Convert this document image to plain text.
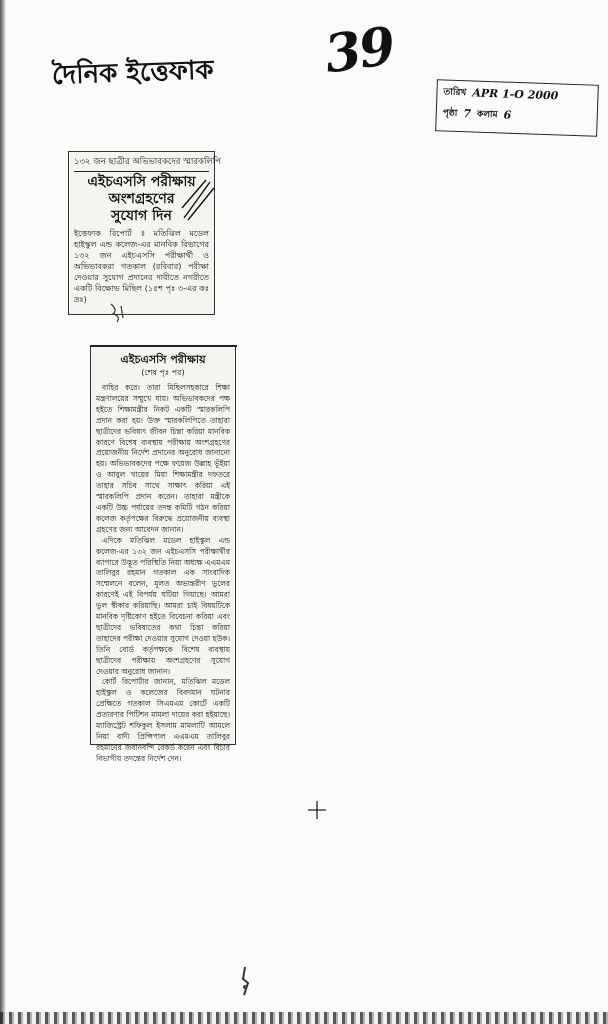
39
দৈনিক ইত্তেফাক
তারিখ APR 1-O 2000
পৃষ্ঠা 7 কলাম 6
১৩২ জন ছাত্রীর অভিভাবকদের স্মারকলিপি
এইচএসসি পরীক্ষায়
অংশগ্রহণের
সুযোগ দিন
ইত্তেফাক রিপোর্ট ॥ মতিঝিল মডেল হাইস্কুল এন্ড কলেজ-এর মানবিক বিভাগের ১৩২ জন এইচএসসি পরীক্ষার্থী ও অভিভাবকরা গতকাল (রবিবার) পরীক্ষা দেওয়ার সুযোগ প্রদানের দাবীতে নগরীতে একটি বিক্ষোভ মিছিল (১৫শ পৃঃ ৩-এর কঃ দ্রঃ)
এইচএসসি পরীক্ষায়
(শেষ পৃঃ পর)

বাহির করে। তারা মিছিলসহকারে শিক্ষা মন্ত্রণালয়ের সম্মুখে যায়। অভিভাবকদের পক্ষ হইতে শিক্ষামন্ত্রীর নিকট একটি স্মারকলিপি প্রদান করা হয়। উক্ত স্মারকলিপিতে তাহারা ছাত্রীদের ভবিষ্যৎ জীবন চিন্তা করিয়া মানবিক কারণে বিশেষ ব্যবস্থায় পরীক্ষায় অংশগ্রহণের প্রয়োজনীয় নির্দেশ প্রদানের অনুরোধ জানানো হয়। অভিভাবকদের পক্ষে ফয়েজ উল্লাহ ভূঁইয়া ও আবুল খায়ের মিয়া শিক্ষামন্ত্রীর দফতরে তাহার সচিব সাথে সাক্ষাৎ করিয়া এই স্মারকলিপি প্রদান করেন। তাহারা মন্ত্রীকে একটি উচ্চ পর্যায়ের তদন্ত কমিটি গঠন করিয়া কলেজ কর্তৃপক্ষের বিরুদ্ধে প্রয়োজনীয় ব্যবস্থা গ্রহণের জন্য আবেদন জানান।

এদিকে মতিঝিল মডেল হাইস্কুল এন্ড কলেজ-এর ১৩২ জন এইচএসসি পরীক্ষার্থীর ব্যাপারে উদ্ভূত পরিস্থিতি নিয়া অধ্যক্ষ এএমএম তালিবুর রহমান গতকাল এক সাংবাদিক সম্মেলনে বলেন, মূলত অভ্যন্তরীণ ভুলের কারণেই এই বিপর্যয় ঘটিয়া গিয়াছে। আমরা ভুল স্বীকার করিয়াছি। আমরা চাই বিষয়টিকে মানবিক দৃষ্টিকোণ হইতে বিবেচনা করিয়া এবং ছাত্রীদের ভবিষ্যতের কথা চিন্তা করিয়া তাহাদের পরীক্ষা দেওয়ার সুযোগ দেওয়া হউক। তিনি বোর্ড কর্তৃপক্ষকে বিশেষ ব্যবস্থায় ছাত্রীদের পরীক্ষায় অংশগ্রহণের সুযোগ দেওয়ার অনুরোধ জানান।

কোর্ট রিপোর্টার জানান, মতিঝিল মডেল হাইস্কুল ও কলেজের বিবদমান ঘটনার প্রেক্ষিতে গতকাল সিএমএম কোর্টে একটি প্রতারণার পিটিশন মামলা দায়ের করা হইয়াছে। ম্যাজিস্ট্রেট শফিকুল ইসলাম মামলাটি আমলে নিয়া বাদী প্রিন্সিপাল এএমএম তালিবুর রহমানের জবানবন্দি রেকর্ড করেন এবং বিচার বিভাগীয় তদন্তের নির্দেশ দেন।
